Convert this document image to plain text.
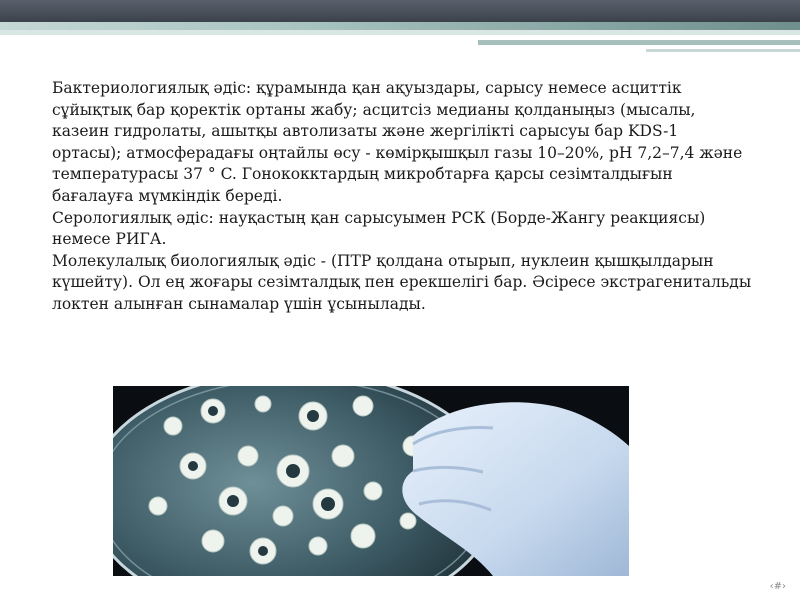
Бактериологиялық әдіс: құрамында қан ақуыздары, сарысу немесе асциттік сұйықтық бар қоректік ортаны жабу; асцитсіз медианы қолданыңыз (мысалы, казеин гидролаты, ашытқы автолизаты және жергілікті сарысуы бар KDS-1 ортасы); атмосферадағы оңтайлы өсу - көмірқышқыл газы 10–20%, pH 7,2–7,4 және температурасы 37 ° C. Гонококктардың микробтарға қарсы сезімталдығын бағалауға мүмкіндік береді.

Серологиялық әдіс: науқастың қан сарысуымен РСК (Борде-Жангу реакциясы) немесе РИГА.

Молекулалық биологиялық әдіс - (ПТР қолдана отырып, нуклеин қышқылдарын күшейту). Ол ең жоғары сезімталдық пен ерекшелігі бар. Әсіресе экстрагенитальды локтен алынған сынамалар үшін ұсынылады.

‹#›
